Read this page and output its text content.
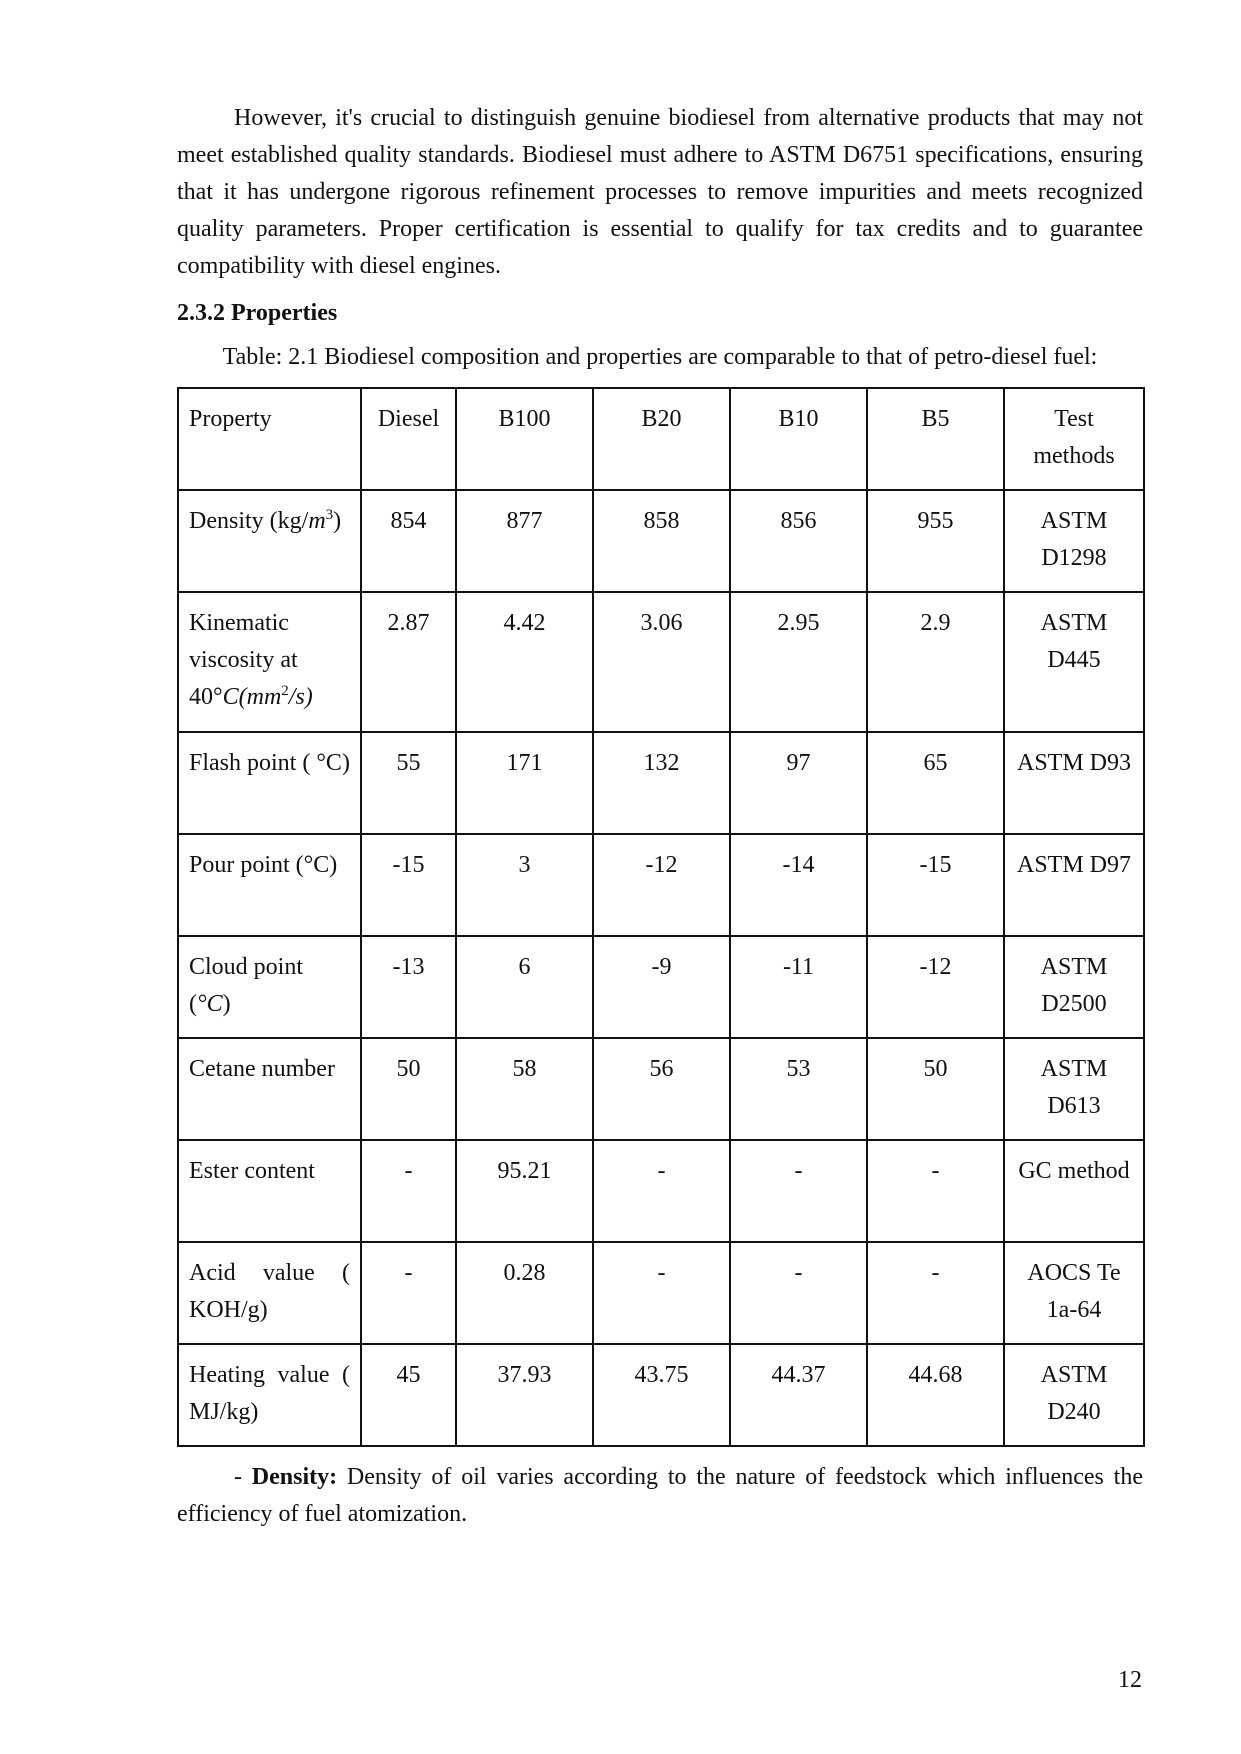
However, it's crucial to distinguish genuine biodiesel from alternative products that may not meet established quality standards. Biodiesel must adhere to ASTM D6751 specifications, ensuring that it has undergone rigorous refinement processes to remove impurities and meets recognized quality parameters. Proper certification is essential to qualify for tax credits and to guarantee compatibility with diesel engines.

2.3.2 Properties

Table: 2.1 Biodiesel composition and properties are comparable to that of petro-diesel fuel:

Property	Diesel	B100	B20	B10	B5	Test methods
Density $(kg/m^3)$	854	877	858	856	955	ASTM D1298
Kinematic viscosity at $40^\circ C(mm^2/s)$	2.87	4.42	3.06	2.95	2.9	ASTM D445
Flash point ( °C)	55	171	132	97	65	ASTM D93
Pour point (°C)	-15	3	-12	-14	-15	ASTM D97
Cloud point (°C)	-13	6	-9	-11	-12	ASTM D2500
Cetane number	50	58	56	53	50	ASTM D613
Ester content	-	95.21	-	-	-	GC method
Acid value ( KOH/g)	-	0.28	-	-	-	AOCS Te 1a-64
Heating value ( MJ/kg)	45	37.93	43.75	44.37	44.68	ASTM D240

- Density: Density of oil varies according to the nature of feedstock which influences the efficiency of fuel atomization.

12
